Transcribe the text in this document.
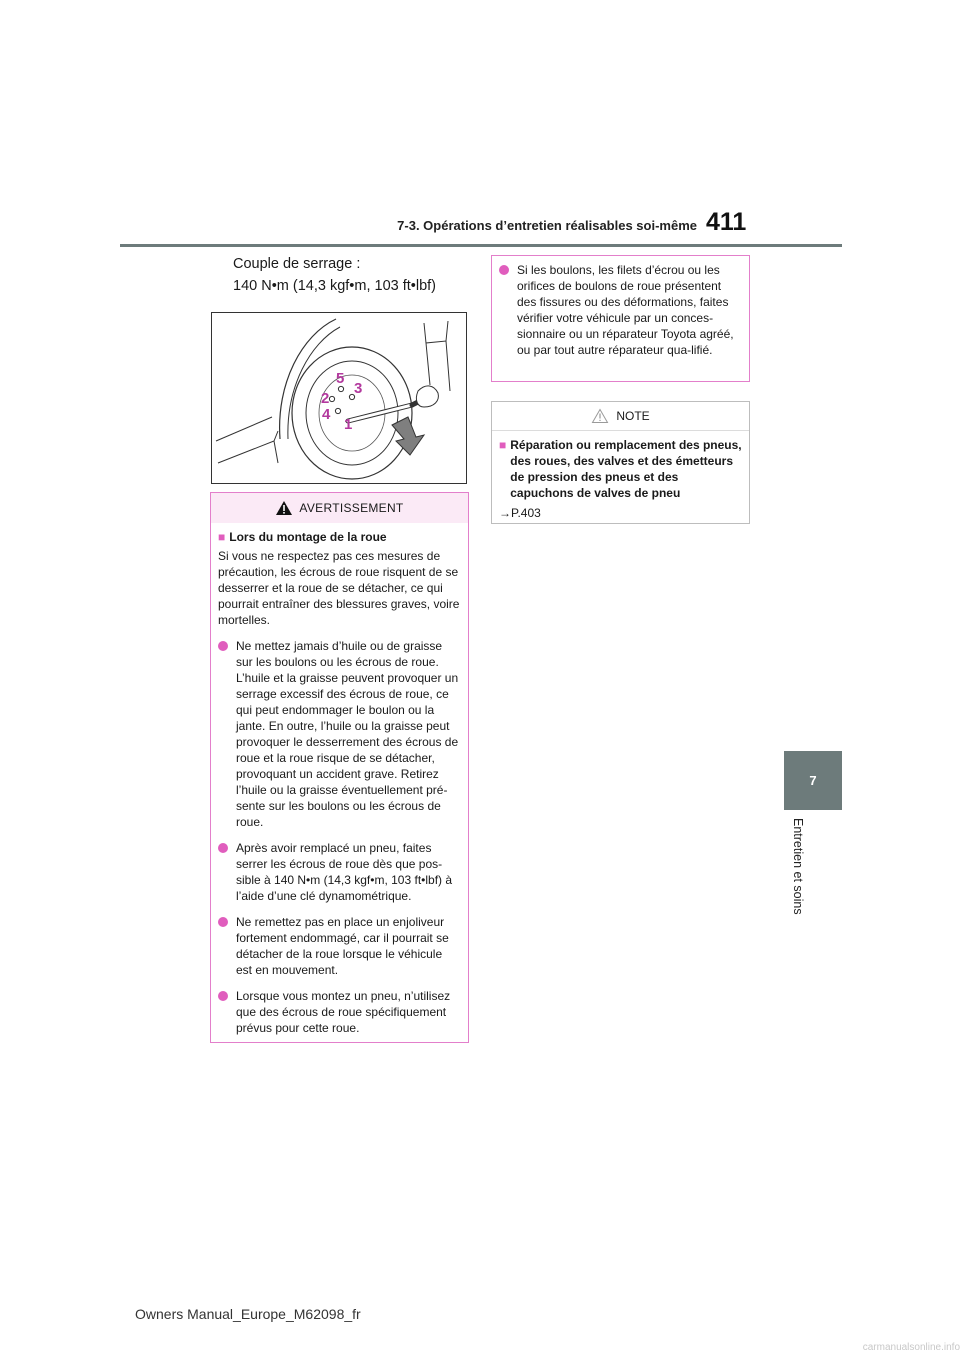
7-3. Opérations d’entretien réalisables soi-même 411
7
Entretien et soins
Couple de serrage :
140 N•m (14,3 kgf•m, 103 ft•lbf)
1
2
3
4
5
AVERTISSEMENT
■ Lors du montage de la roue

Si vous ne respectez pas ces mesures de précaution, les écrous de roue risquent de se desserrer et la roue de se détacher, ce qui pourrait entraîner des blessures graves, voire mortelles.

Ne mettez jamais d’huile ou de graisse sur les boulons ou les écrous de roue. L’huile et la graisse peuvent provoquer un serrage excessif des écrous de roue, ce qui peut endommager le boulon ou la jante. En outre, l’huile ou la graisse peut provoquer le desserrement des écrous de roue et la roue risque de se détacher, provoquant un accident grave. Retirez l’huile ou la graisse éventuellement pré-sente sur les boulons ou les écrous de roue.
Après avoir remplacé un pneu, faites serrer les écrous de roue dès que pos-sible à 140 N•m (14,3 kgf•m, 103 ft•lbf) à l’aide d’une clé dynamométrique.
Ne remettez pas en place un enjoliveur fortement endommagé, car il pourrait se détacher de la roue lorsque le véhicule est en mouvement.
Lorsque vous montez un pneu, n’utilisez que des écrous de roue spécifiquement prévus pour cette roue.
Si les boulons, les filets d’écrou ou les orifices de boulons de roue présentent des fissures ou des déformations, faites vérifier votre véhicule par un conces-sionnaire ou un réparateur Toyota agréé, ou par tout autre réparateur qua-lifié.
NOTE
■ Réparation ou remplacement des pneus, des roues, des valves et des émetteurs de pression des pneus et des capuchons de valves de pneu
→P.403
Owners Manual_Europe_M62098_fr
carmanualsonline.info
